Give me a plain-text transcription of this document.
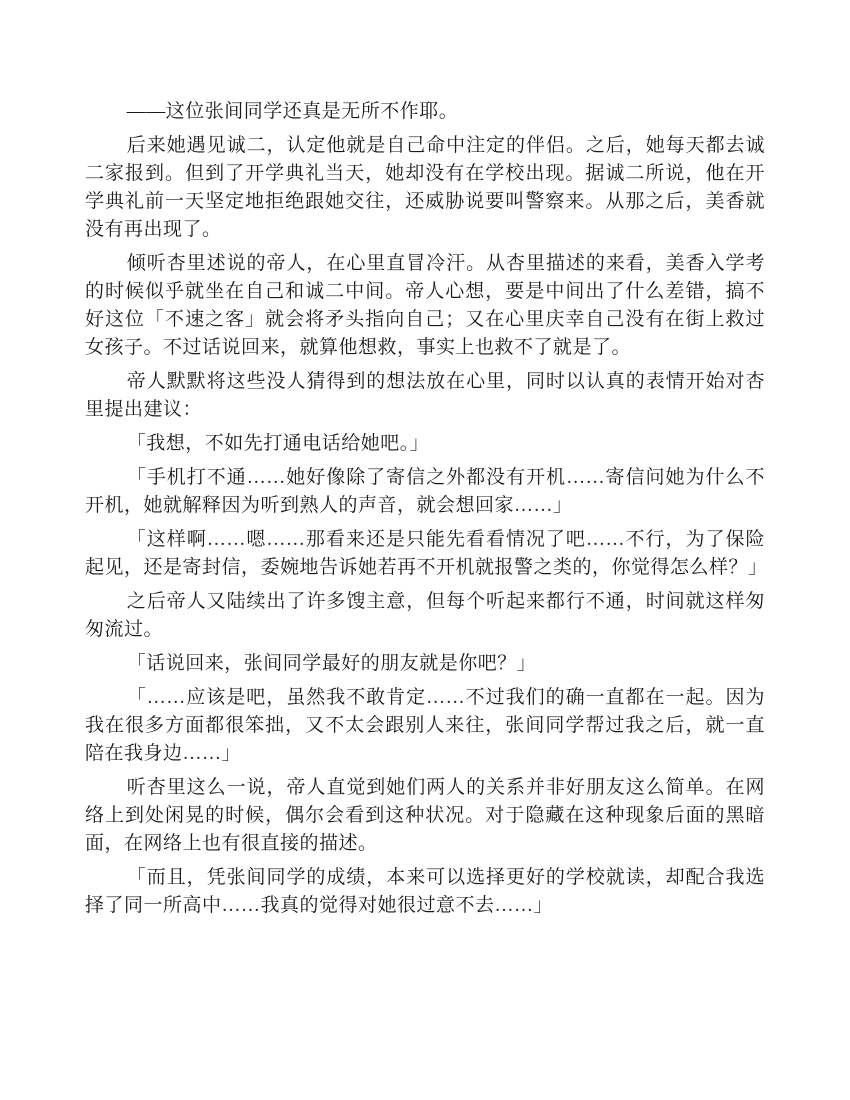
——这位张间同学还真是无所不作耶。

后来她遇见诚二，认定他就是自己命中注定的伴侣。之后，她每天都去诚二家报到。但到了开学典礼当天，她却没有在学校出现。据诚二所说，他在开学典礼前一天坚定地拒绝跟她交往，还威胁说要叫警察来。从那之后，美香就没有再出现了。

倾听杏里述说的帝人，在心里直冒冷汗。从杏里描述的来看，美香入学考的时候似乎就坐在自己和诚二中间。帝人心想，要是中间出了什么差错，搞不好这位「不速之客」就会将矛头指向自己；又在心里庆幸自己没有在街上救过女孩子。不过话说回来，就算他想救，事实上也救不了就是了。

帝人默默将这些没人猜得到的想法放在心里，同时以认真的表情开始对杏里提出建议：

「我想，不如先打通电话给她吧。」

「手机打不通……她好像除了寄信之外都没有开机……寄信问她为什么不开机，她就解释因为听到熟人的声音，就会想回家……」

「这样啊……嗯……那看来还是只能先看看情况了吧……不行，为了保险起见，还是寄封信，委婉地告诉她若再不开机就报警之类的，你觉得怎么样？」

之后帝人又陆续出了许多馊主意，但每个听起来都行不通，时间就这样匆匆流过。

「话说回来，张间同学最好的朋友就是你吧？」

「……应该是吧，虽然我不敢肯定……不过我们的确一直都在一起。因为我在很多方面都很笨拙，又不太会跟别人来往，张间同学帮过我之后，就一直陪在我身边……」

听杏里这么一说，帝人直觉到她们两人的关系并非好朋友这么简单。在网络上到处闲晃的时候，偶尔会看到这种状况。对于隐藏在这种现象后面的黑暗面，在网络上也有很直接的描述。

「而且，凭张间同学的成绩，本来可以选择更好的学校就读，却配合我选择了同一所高中……我真的觉得对她很过意不去……」
